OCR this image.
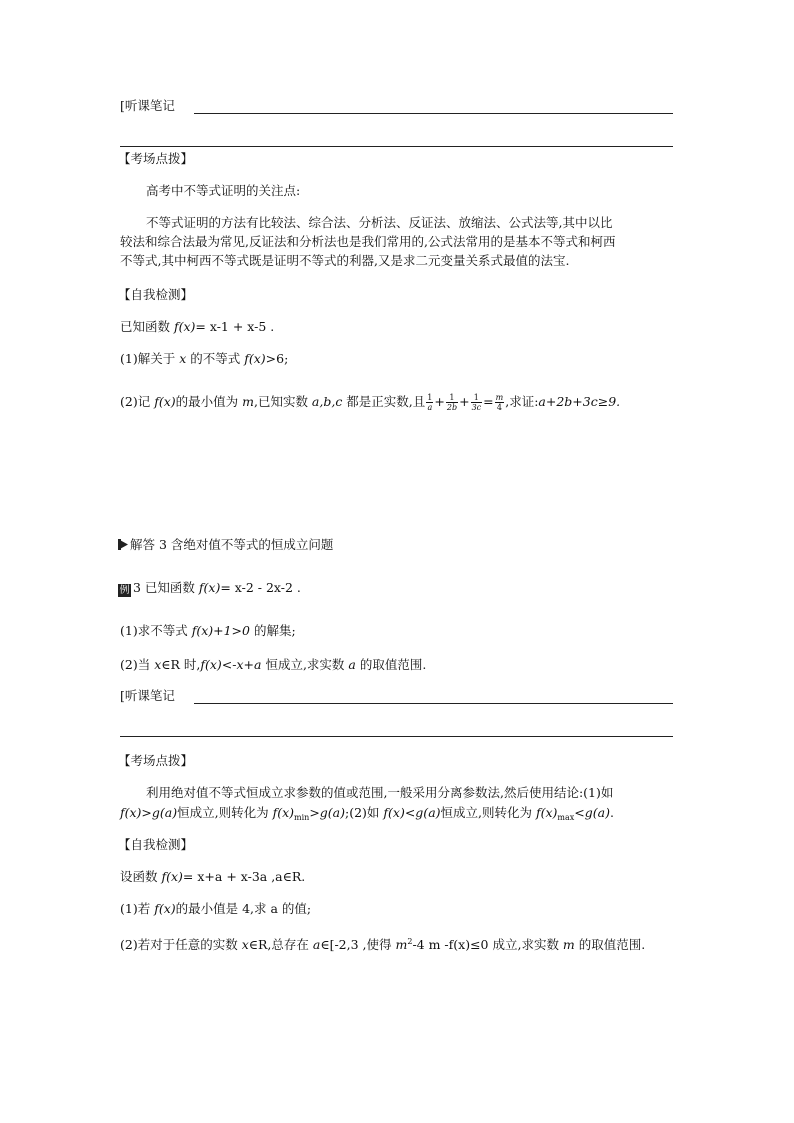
[听课笔记
【考场点拨】
高考中不等式证明的关注点:
不等式证明的方法有比较法、综合法、分析法、反证法、放缩法、公式法等,其中以比
较法和综合法最为常见,反证法和分析法也是我们常用的,公式法常用的是基本不等式和柯西
不等式,其中柯西不等式既是证明不等式的利器,又是求二元变量关系式最值的法宝.
【自我检测】
已知函数 f(x)= x-1 + x-5 .
(1)解关于 x 的不等式 f(x)>6;
(2)记 f(x)的最小值为 m,已知实数 a,b,c 都是正实数,且 $\frac{1}{a} + \frac{1}{2b} + \frac{1}{3c} = \frac{m}{4}$ ,求证:a+2b+3c≥9.
解答 3 含绝对值不等式的恒成立问题
例 3 已知函数 f(x)= x-2 - 2x-2 .
(1)求不等式 f(x)+1>0 的解集;
(2)当 x∈R 时,f(x)<-x+a 恒成立,求实数 a 的取值范围.
[听课笔记
【考场点拨】
利用绝对值不等式恒成立求参数的值或范围,一般采用分离参数法,然后使用结论:(1)如
f(x)>g(a)恒成立,则转化为 $f(x)_{min}>g(a);(2)$如 f(x)<g(a)恒成立,则转化为 $f(x)_{max}<g(a)$.
【自我检测】
设函数 f(x)= x+a + x-3a ,a∈R.
(1)若 f(x)的最小值是 4,求 a 的值;
(2)若对于任意的实数 x∈R,总存在 a∈[-2,3 ,使得 $m^2-4$ m -f(x)≤0 成立,求实数 m 的取值范围.
